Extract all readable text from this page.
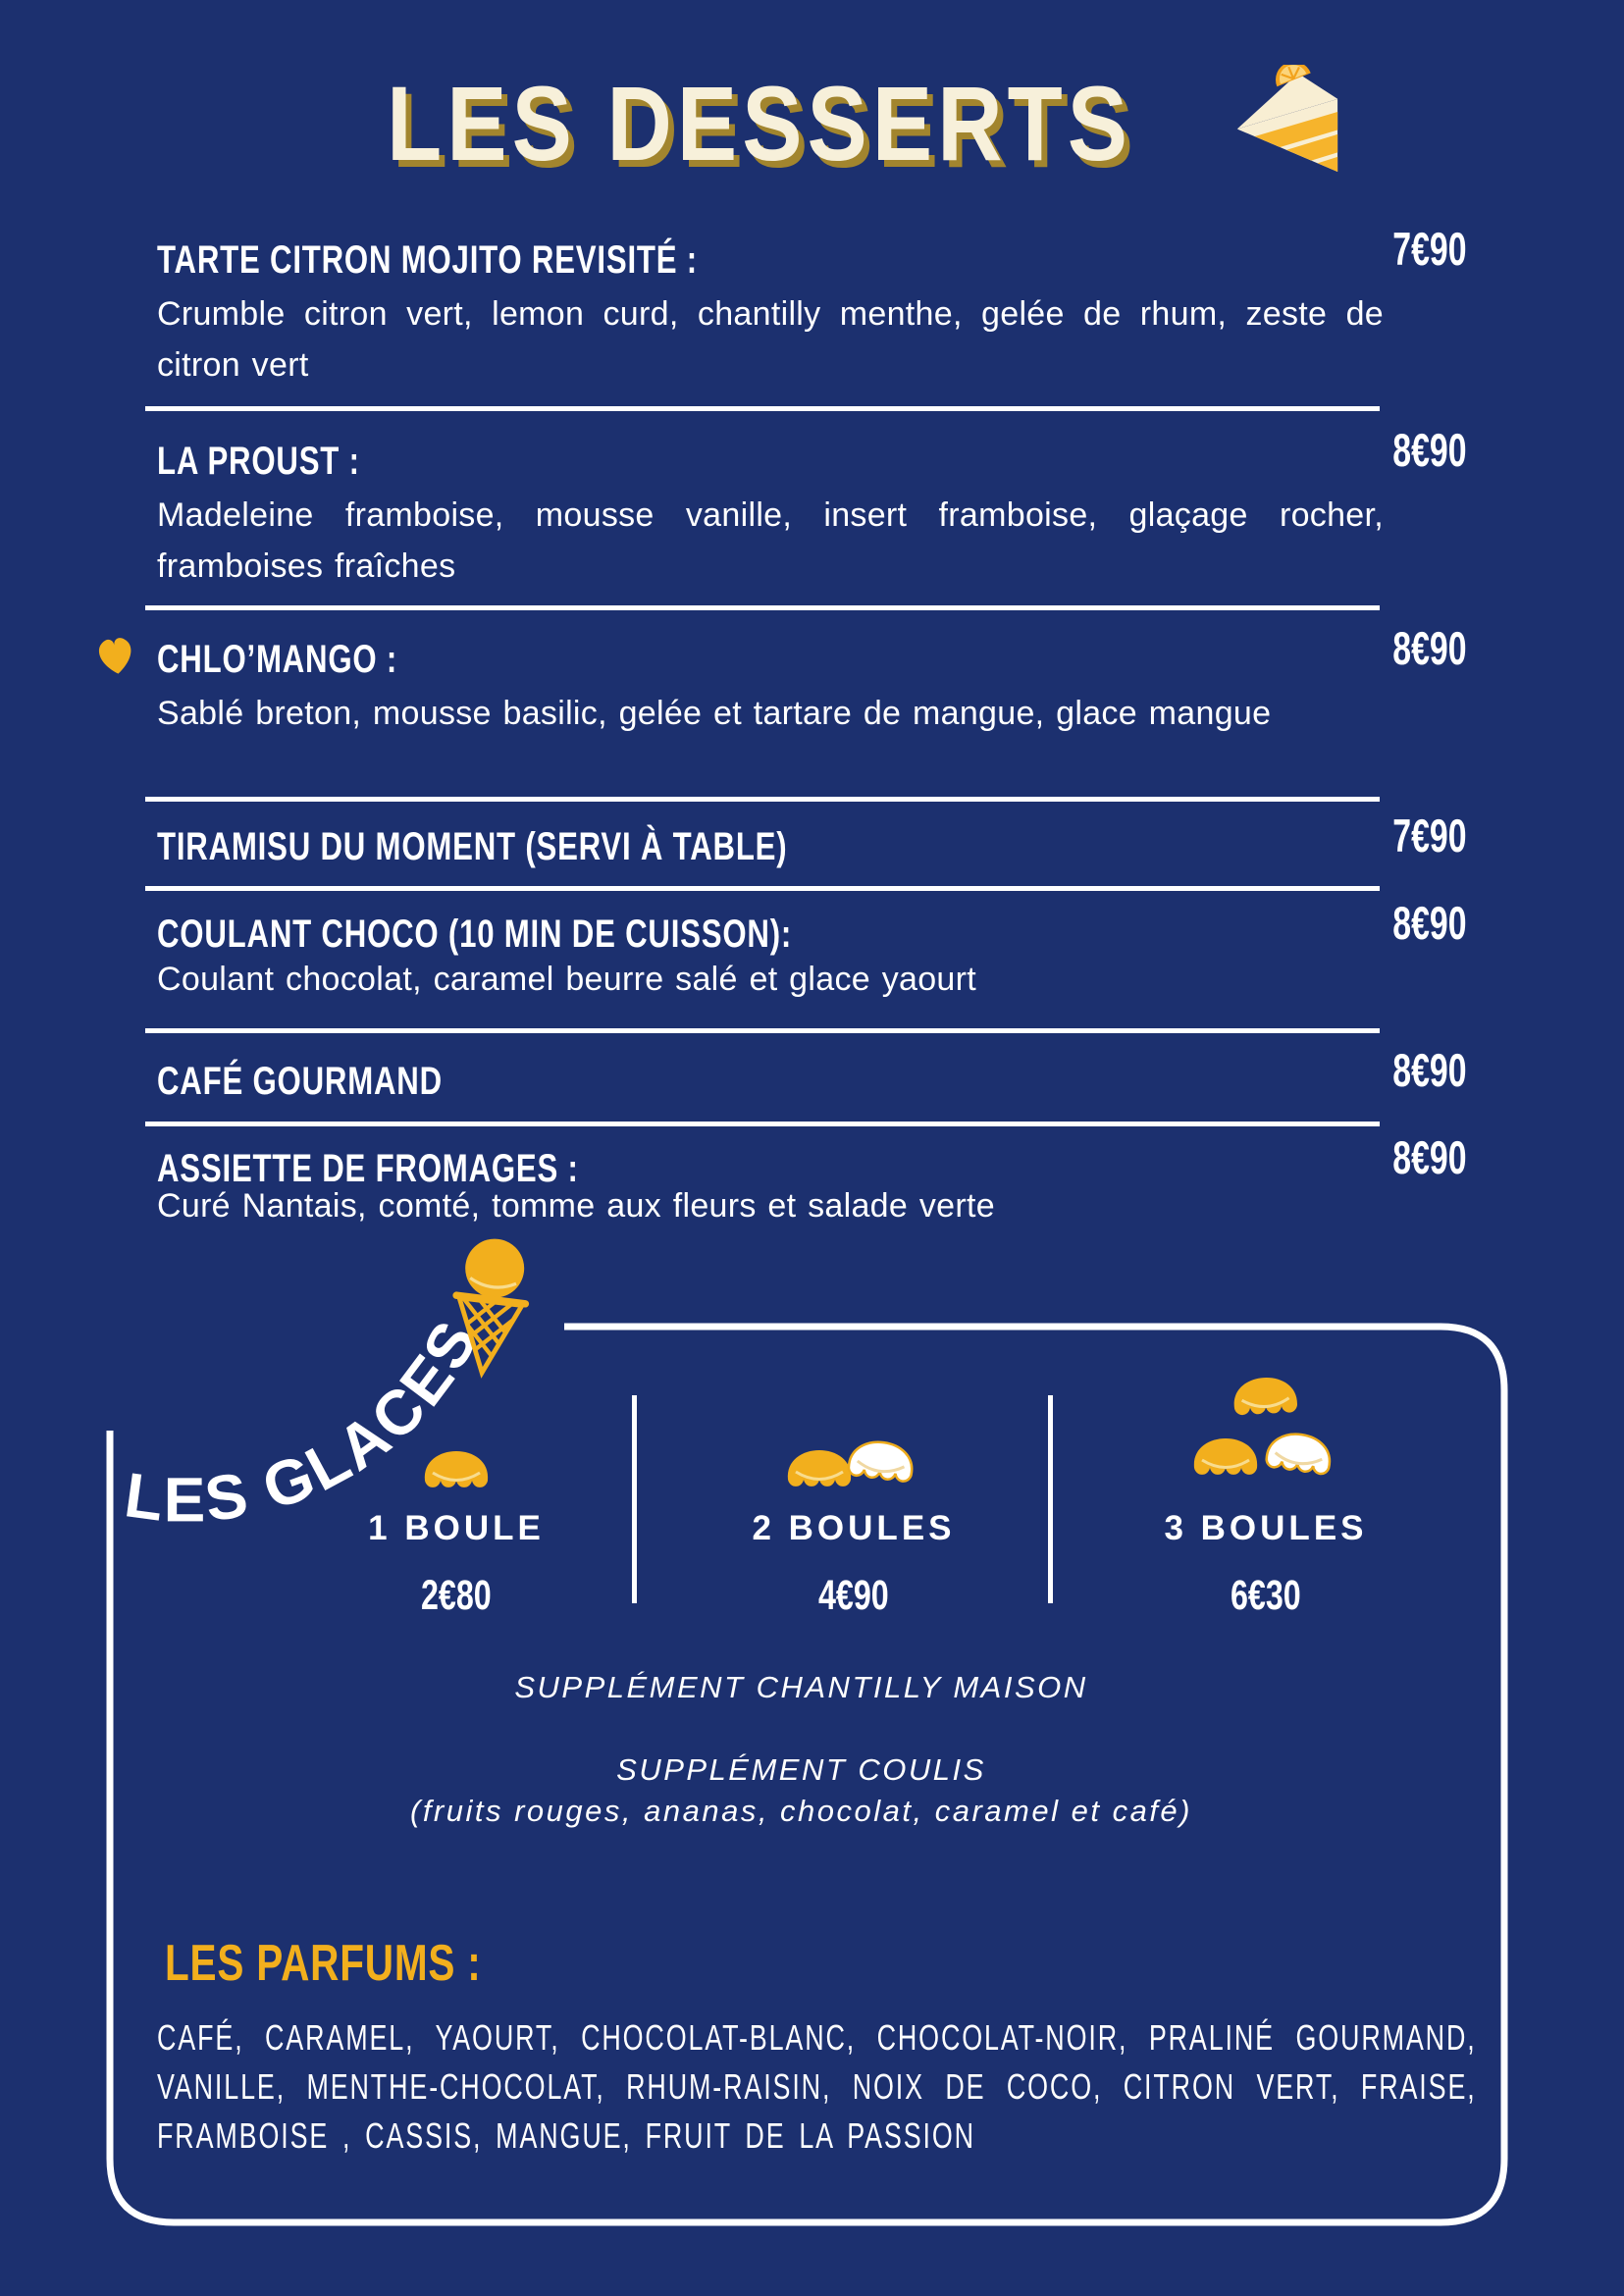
LES DESSERTS
TARTE CITRON MOJITO REVISITÉ :	7€90
Crumble citron vert, lemon curd, chantilly menthe, gelée de rhum, zeste de citron vert
LA PROUST :	8€90
Madeleine framboise, mousse vanille, insert framboise, glaçage rocher, framboises fraîches
CHLO’MANGO :	8€90
Sablé breton, mousse basilic, gelée et tartare de mangue, glace mangue
TIRAMISU DU MOMENT (SERVI À TABLE)	7€90
COULANT CHOCO (10 MIN DE CUISSON):	8€90
Coulant chocolat, caramel beurre salé et glace yaourt
CAFÉ GOURMAND	8€90
ASSIETTE DE FROMAGES :	8€90
Curé Nantais, comté, tomme aux fleurs et salade verte
LES GLACES
1 BOULE
2€80
2 BOULES
4€90
3 BOULES
6€30
SUPPLÉMENT CHANTILLY MAISON
SUPPLÉMENT COULIS
(fruits rouges, ananas, chocolat, caramel et café)
LES PARFUMS :
CAFÉ, CARAMEL, YAOURT, CHOCOLAT-BLANC, CHOCOLAT-NOIR, PRALINÉ GOURMAND, VANILLE, MENTHE-CHOCOLAT, RHUM-RAISIN, NOIX DE COCO, CITRON VERT, FRAISE, FRAMBOISE , CASSIS, MANGUE, FRUIT DE LA PASSION
